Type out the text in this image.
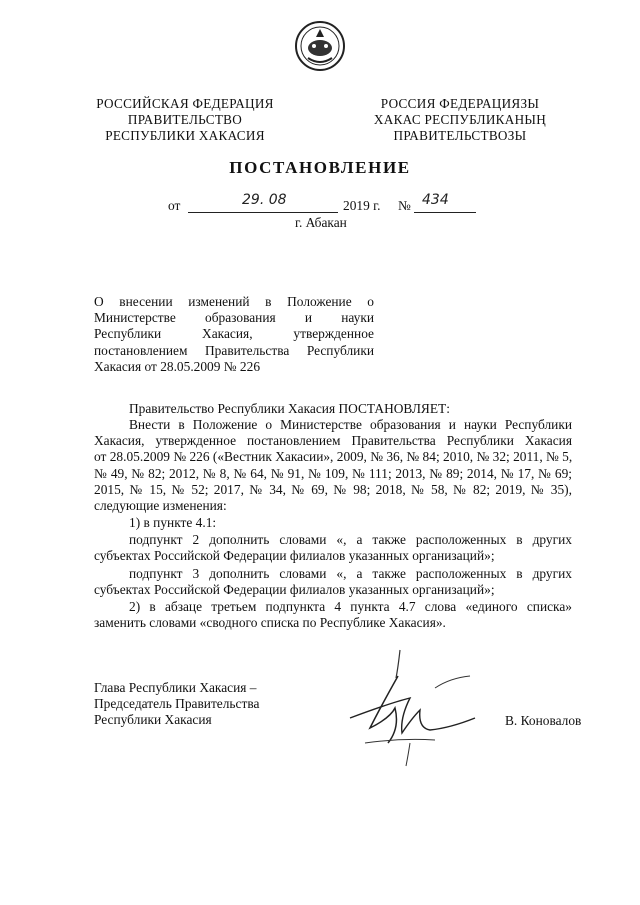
РОССИЙСКАЯ ФЕДЕРАЦИЯ
ПРАВИТЕЛЬСТВО
РЕСПУБЛИКИ ХАКАСИЯ
РОССИЯ ФЕДЕРАЦИЯЗЫ
ХАКАС РЕСПУБЛИКАНЫҢ
ПРАВИТЕЛЬСТВОЗЫ
ПОСТАНОВЛЕНИЕ
от	29. 08	2019 г. № 434
г. Абакан
О внесении изменений в Положение о
Министерстве образования и науки
Республики Хакасия, утвержденное
постановлением Правительства Республики
Хакасия от 28.05.2009 № 226
Правительство Республики Хакасия ПОСТАНОВЛЯЕТ:
Внести в Положение о Министерстве образования и науки Республики
Хакасия, утвержденное постановлением Правительства Республики Хакасия
от 28.05.2009 № 226 («Вестник Хакасии», 2009, № 36, № 84; 2010, № 32; 2011, № 5,
№ 49, № 82; 2012, № 8, № 64, № 91, № 109, № 111; 2013, № 89; 2014, № 17, № 69;
2015, № 15, № 52; 2017, № 34, № 69, № 98; 2018, № 58, № 82; 2019, № 35),
следующие изменения:
1) в пункте 4.1:
подпункт 2 дополнить словами «, а также расположенных в других
субъектах Российской Федерации филиалов указанных организаций»;
подпункт 3 дополнить словами «, а также расположенных в других
субъектах Российской Федерации филиалов указанных организаций»;
2) в абзаце третьем подпункта 4 пункта 4.7 слова «единого списка»
заменить словами «сводного списка по Республике Хакасия».
Глава Республики Хакасия –
Председатель Правительства
Республики Хакасия	В. Коновалов
